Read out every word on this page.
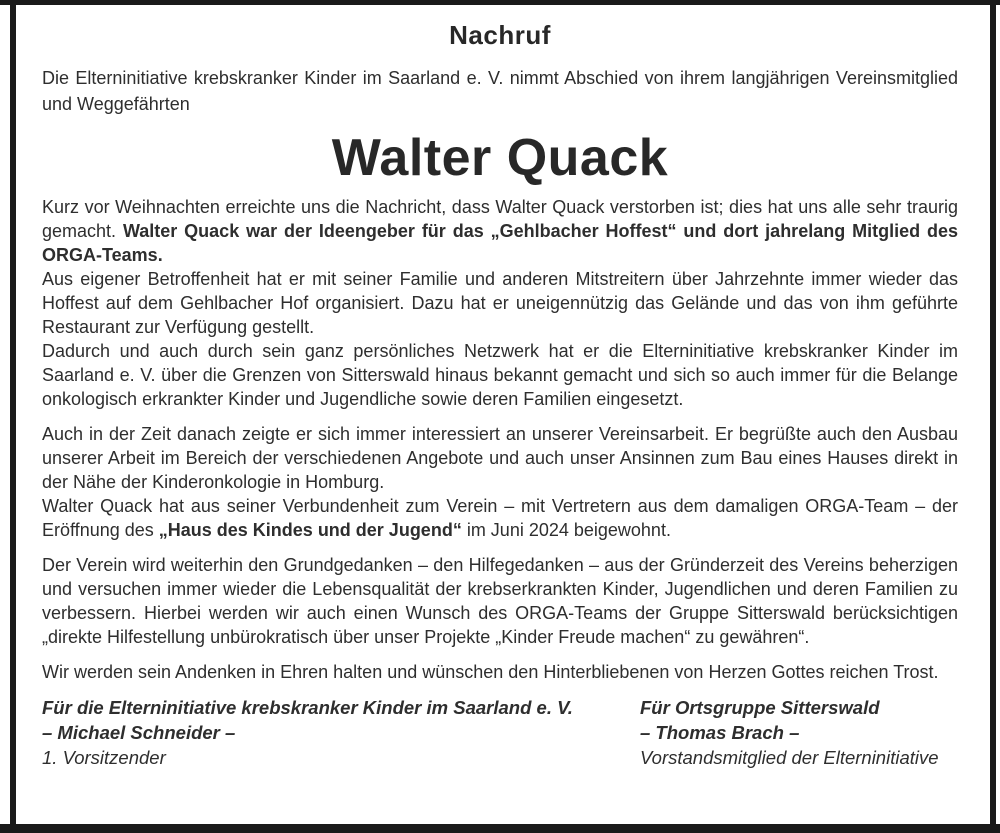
Nachruf
Die Elterninitiative krebskranker Kinder im Saarland e. V. nimmt Abschied von ihrem langjährigen Vereinsmitglied und Weggefährten
Walter Quack

Kurz vor Weihnachten erreichte uns die Nachricht, dass Walter Quack verstorben ist; dies hat uns alle sehr traurig gemacht. Walter Quack war der Ideengeber für das „Gehlbacher Hoffest“ und dort jahrelang Mitglied des ORGA-Teams.
Aus eigener Betroffenheit hat er mit seiner Familie und anderen Mitstreitern über Jahrzehnte immer wieder das Hoffest auf dem Gehlbacher Hof organisiert. Dazu hat er uneigennützig das Gelände und das von ihm geführte Restaurant zur Verfügung gestellt.
Dadurch und auch durch sein ganz persönliches Netzwerk hat er die Elterninitiative krebskranker Kinder im Saarland e. V. über die Grenzen von Sitterswald hinaus bekannt gemacht und sich so auch immer für die Belange onkologisch erkrankter Kinder und Jugendliche sowie deren Familien eingesetzt.

Auch in der Zeit danach zeigte er sich immer interessiert an unserer Vereinsarbeit. Er begrüßte auch den Ausbau unserer Arbeit im Bereich der verschiedenen Angebote und auch unser Ansinnen zum Bau eines Hauses direkt in der Nähe der Kinderonkologie in Homburg.
Walter Quack hat aus seiner Verbundenheit zum Verein – mit Vertretern aus dem damaligen ORGA-Team – der Eröffnung des „Haus des Kindes und der Jugend“ im Juni 2024 beigewohnt.

Der Verein wird weiterhin den Grundgedanken – den Hilfegedanken – aus der Gründerzeit des Vereins beherzigen und versuchen immer wieder die Lebensqualität der krebserkrankten Kinder, Jugendlichen und deren Familien zu verbessern. Hierbei werden wir auch einen Wunsch des ORGA-Teams der Gruppe Sitterswald berücksichtigen „direkte Hilfestellung unbürokratisch über unser Projekte „Kinder Freude machen“ zu gewähren“.

Wir werden sein Andenken in Ehren halten und wünschen den Hinterbliebenen von Herzen Gottes reichen Trost.

Für die Elterninitiative krebskranker Kinder im Saarland e. V.
– Michael Schneider –
1. Vorsitzender
Für Ortsgruppe Sitterswald
– Thomas Brach –
Vorstandsmitglied der Elterninitiative
